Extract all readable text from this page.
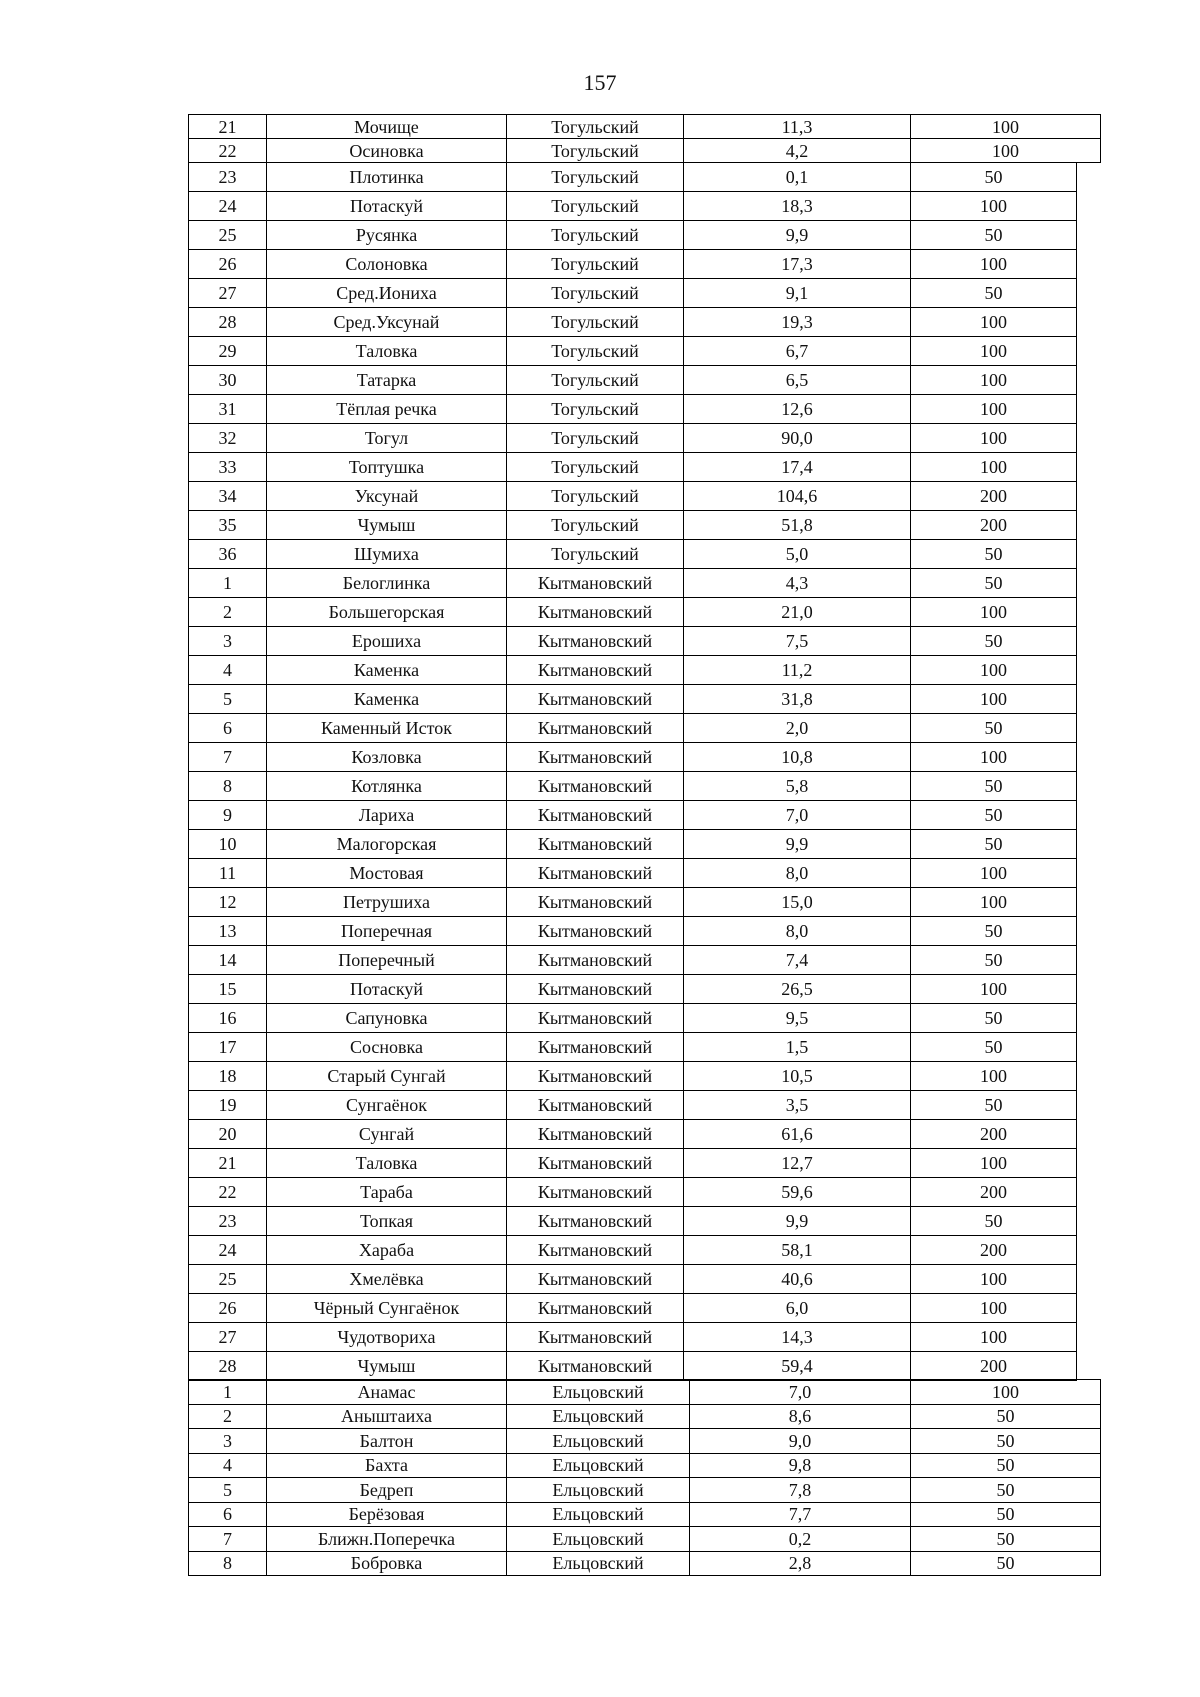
157
21	Мочище	Тогульский	11,3	100
22	Осиновка	Тогульский	4,2	100
23	Плотинка	Тогульский	0,1	50
24	Потаскуй	Тогульский	18,3	100
25	Русянка	Тогульский	9,9	50
26	Солоновка	Тогульский	17,3	100
27	Сред.Иониха	Тогульский	9,1	50
28	Сред.Уксунай	Тогульский	19,3	100
29	Таловка	Тогульский	6,7	100
30	Татарка	Тогульский	6,5	100
31	Тёплая речка	Тогульский	12,6	100
32	Тогул	Тогульский	90,0	100
33	Топтушка	Тогульский	17,4	100
34	Уксунай	Тогульский	104,6	200
35	Чумыш	Тогульский	51,8	200
36	Шумиха	Тогульский	5,0	50
1	Белоглинка	Кытмановский	4,3	50
2	Большегорская	Кытмановский	21,0	100
3	Ерошиха	Кытмановский	7,5	50
4	Каменка	Кытмановский	11,2	100
5	Каменка	Кытмановский	31,8	100
6	Каменный Исток	Кытмановский	2,0	50
7	Козловка	Кытмановский	10,8	100
8	Котлянка	Кытмановский	5,8	50
9	Лариха	Кытмановский	7,0	50
10	Малогорская	Кытмановский	9,9	50
11	Мостовая	Кытмановский	8,0	100
12	Петрушиха	Кытмановский	15,0	100
13	Поперечная	Кытмановский	8,0	50
14	Поперечный	Кытмановский	7,4	50
15	Потаскуй	Кытмановский	26,5	100
16	Сапуновка	Кытмановский	9,5	50
17	Сосновка	Кытмановский	1,5	50
18	Старый Сунгай	Кытмановский	10,5	100
19	Сунгаёнок	Кытмановский	3,5	50
20	Сунгай	Кытмановский	61,6	200
21	Таловка	Кытмановский	12,7	100
22	Тараба	Кытмановский	59,6	200
23	Топкая	Кытмановский	9,9	50
24	Хараба	Кытмановский	58,1	200
25	Хмелёвка	Кытмановский	40,6	100
26	Чёрный Сунгаёнок	Кытмановский	6,0	100
27	Чудотвориха	Кытмановский	14,3	100
28	Чумыш	Кытмановский	59,4	200
1	Анамас	Ельцовский	7,0	100
2	Аныштаиха	Ельцовский	8,6	50
3	Балтон	Ельцовский	9,0	50
4	Бахта	Ельцовский	9,8	50
5	Бедреп	Ельцовский	7,8	50
6	Берёзовая	Ельцовский	7,7	50
7	Ближн.Поперечка	Ельцовский	0,2	50
8	Бобровка	Ельцовский	2,8	50
